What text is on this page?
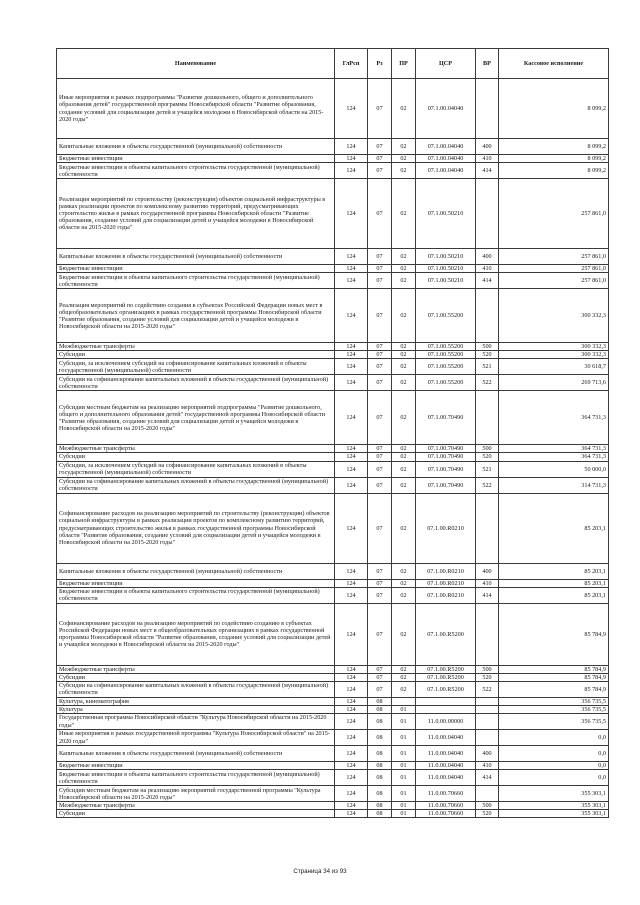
Наименование	ГлРсп	Рз	ПР	ЦСР	ВР	Кассовое исполнение
Иные мероприятия в рамках подпрограммы "Развитие дошкольного, общего и дополнительного образования детей" государственной программы Новосибирской области "Развитие образования, создание условий для социализации детей и учащейся молодежи в Новосибирской области на 2015-2020 годы"	124	07	02	07.1.00.04040		8 099,2
Капитальные вложения в объекты государственной (муниципальной) собственности	124	07	02	07.1.00.04040	400	8 099,2
Бюджетные инвестиции	124	07	02	07.1.00.04040	410	8 099,2
Бюджетные инвестиции в объекты капитального строительства государственной (муниципальной) собственности	124	07	02	07.1.00.04040	414	8 099,2
Реализация мероприятий по строительству (реконструкции) объектов социальной инфраструктуры в рамках реализации проектов по комплексному развитию территорий, предусматривающих строительство жилья в рамках государственной программы Новосибирской области "Развитие образования, создание условий для социализации детей и учащейся молодежи в Новосибирской области на 2015-2020 годы"	124	07	02	07.1.00.50210		257 861,0
Капитальные вложения в объекты государственной (муниципальной) собственности	124	07	02	07.1.00.50210	400	257 861,0
Бюджетные инвестиции	124	07	02	07.1.00.50210	410	257 861,0
Бюджетные инвестиции в объекты капитального строительства государственной (муниципальной) собственности	124	07	02	07.1.00.50210	414	257 861,0
Реализация мероприятий по содействию создания в субъектах Российской Федерации новых мест в общеобразовательных организациях в рамках государственной программы Новосибирской области "Развитие образования, создание условий для социализации детей и учащейся молодежи в Новосибирской области на 2015-2020 годы"	124	07	02	07.1.00.55200		300 332,3
Межбюджетные трансферты	124	07	02	07.1.00.55200	500	300 332,3
Субсидии	124	07	02	07.1.00.55200	520	300 332,3
Субсидии, за исключением субсидий на софинансирование капитальных вложений в объекты государственной (муниципальной) собственности	124	07	02	07.1.00.55200	521	30 618,7
Субсидии на софинансирование капитальных вложений в объекты государственной (муниципальной) собственности	124	07	02	07.1.00.55200	522	269 713,6
Субсидии местным бюджетам на реализацию мероприятий подпрограммы "Развитие дошкольного, общего и дополнительного образования детей" государственной программы Новосибирской области "Развитие образования, создание условий для социализации детей и учащейся молодежи в Новосибирской области на 2015-2020 годы"	124	07	02	07.1.00.70490		364 731,3
Межбюджетные трансферты	124	07	02	07.1.00.70490	500	364 731,3
Субсидии	124	07	02	07.1.00.70490	520	364 731,3
Субсидии, за исключением субсидий на софинансирование капитальных вложений в объекты государственной (муниципальной) собственности	124	07	02	07.1.00.70490	521	50 000,0
Субсидии на софинансирование капитальных вложений в объекты государственной (муниципальной) собственности	124	07	02	07.1.00.70490	522	314 731,3
Софинансирование расходов на реализацию мероприятий по строительству (реконструкции) объектов социальной инфраструктуры в рамках реализации проектов по комплексному развитию территорий, предусматривающих строительство жилья в рамках государственной программы Новосибирской области "Развитие образования, создание условий для социализации детей и учащейся молодежи в Новосибирской области на 2015-2020 годы"	124	07	02	07.1.00.R0210		85 203,1
Капитальные вложения в объекты государственной (муниципальной) собственности	124	07	02	07.1.00.R0210	400	85 203,1
Бюджетные инвестиции	124	07	02	07.1.00.R0210	410	85 203,1
Бюджетные инвестиции в объекты капитального строительства государственной (муниципальной) собственности	124	07	02	07.1.00.R0210	414	85 203,1
Софинансирование расходов на реализацию мероприятий по содействию созданию в субъектах Российской Федерации новых мест в общеобразовательных организациях в рамках государственной программы Новосибирской области "Развитие образования, создание условий для социализации детей и учащейся молодежи в Новосибирской области на 2015-2020 годы"	124	07	02	07.1.00.R5200		85 784,9
Межбюджетные трансферты	124	07	02	07.1.00.R5200	500	85 784,9
Субсидии	124	07	02	07.1.00.R5200	520	85 784,9
Субсидии на софинансирование капитальных вложений в объекты государственной (муниципальной) собственности	124	07	02	07.1.00.R5200	522	85 784,9
Культура, кинематография	124	08				356 735,5
Культура	124	08	01			356 735,5
Государственная программа Новосибирской области "Культура Новосибирской области на 2015-2020 годы"	124	08	01	11.0.00.00000		356 735,5
Иные мероприятия в рамках государственной программы "Культура Новосибирской области" на 2015-2020 годы"	124	08	01	11.0.00.04040		0,0
Капитальные вложения в объекты государственной (муниципальной) собственности	124	08	01	11.0.00.04040	400	0,0
Бюджетные инвестиции	124	08	01	11.0.00.04040	410	0,0
Бюджетные инвестиции в объекты капитального строительства государственной (муниципальной) собственности	124	08	01	11.0.00.04040	414	0,0
Субсидии местным бюджетам на реализацию мероприятий государственной программы "Культура Новосибирской области на 2015-2020 годы"	124	08	01	11.0.00.70660		355 303,1
Межбюджетные трансферты	124	08	01	11.0.00.70660	500	355 303,1
Субсидии	124	08	01	11.0.00.70660	520	355 303,1
Страница 34 из 93
